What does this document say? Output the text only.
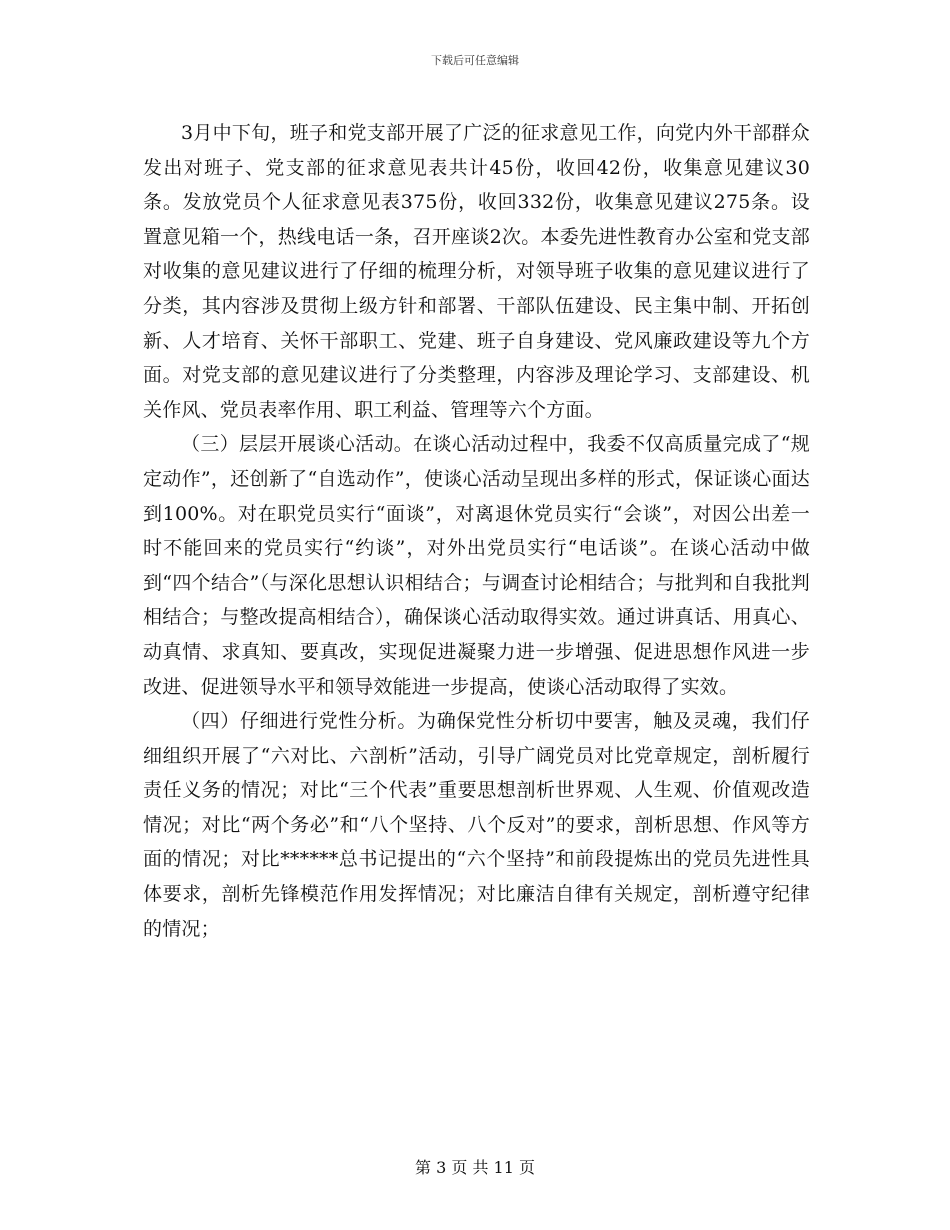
下载后可任意编辑

3月中下旬，班子和党支部开展了广泛的征求意见工作，向党内外干部群众发出对班子、党支部的征求意见表共计45份，收回42份，收集意见建议30条。发放党员个人征求意见表375份，收回332份，收集意见建议275条。设置意见箱一个，热线电话一条，召开座谈2次。本委先进性教育办公室和党支部对收集的意见建议进行了仔细的梳理分析，对领导班子收集的意见建议进行了分类，其内容涉及贯彻上级方针和部署、干部队伍建设、民主集中制、开拓创新、人才培育、关怀干部职工、党建、班子自身建设、党风廉政建设等九个方面。对党支部的意见建议进行了分类整理，内容涉及理论学习、支部建设、机关作风、党员表率作用、职工利益、管理等六个方面。

（三）层层开展谈心活动。在谈心活动过程中，我委不仅高质量完成了“规定动作”，还创新了“自选动作”，使谈心活动呈现出多样的形式，保证谈心面达到100%。对在职党员实行“面谈”，对离退休党员实行“会谈”，对因公出差一时不能回来的党员实行“约谈”，对外出党员实行“电话谈”。在谈心活动中做到“四个结合”（与深化思想认识相结合；与调查讨论相结合；与批判和自我批判相结合；与整改提高相结合），确保谈心活动取得实效。通过讲真话、用真心、动真情、求真知、要真改，实现促进凝聚力进一步增强、促进思想作风进一步改进、促进领导水平和领导效能进一步提高，使谈心活动取得了实效。

（四）仔细进行党性分析。为确保党性分析切中要害，触及灵魂，我们仔细组织开展了“六对比、六剖析”活动，引导广阔党员对比党章规定，剖析履行责任义务的情况；对比“三个代表”重要思想剖析世界观、人生观、价值观改造情况；对比“两个务必”和“八个坚持、八个反对”的要求，剖析思想、作风等方面的情况；对比******总书记提出的“六个坚持”和前段提炼出的党员先进性具体要求，剖析先锋模范作用发挥情况；对比廉洁自律有关规定，剖析遵守纪律的情况；

第 3 页 共 11 页
